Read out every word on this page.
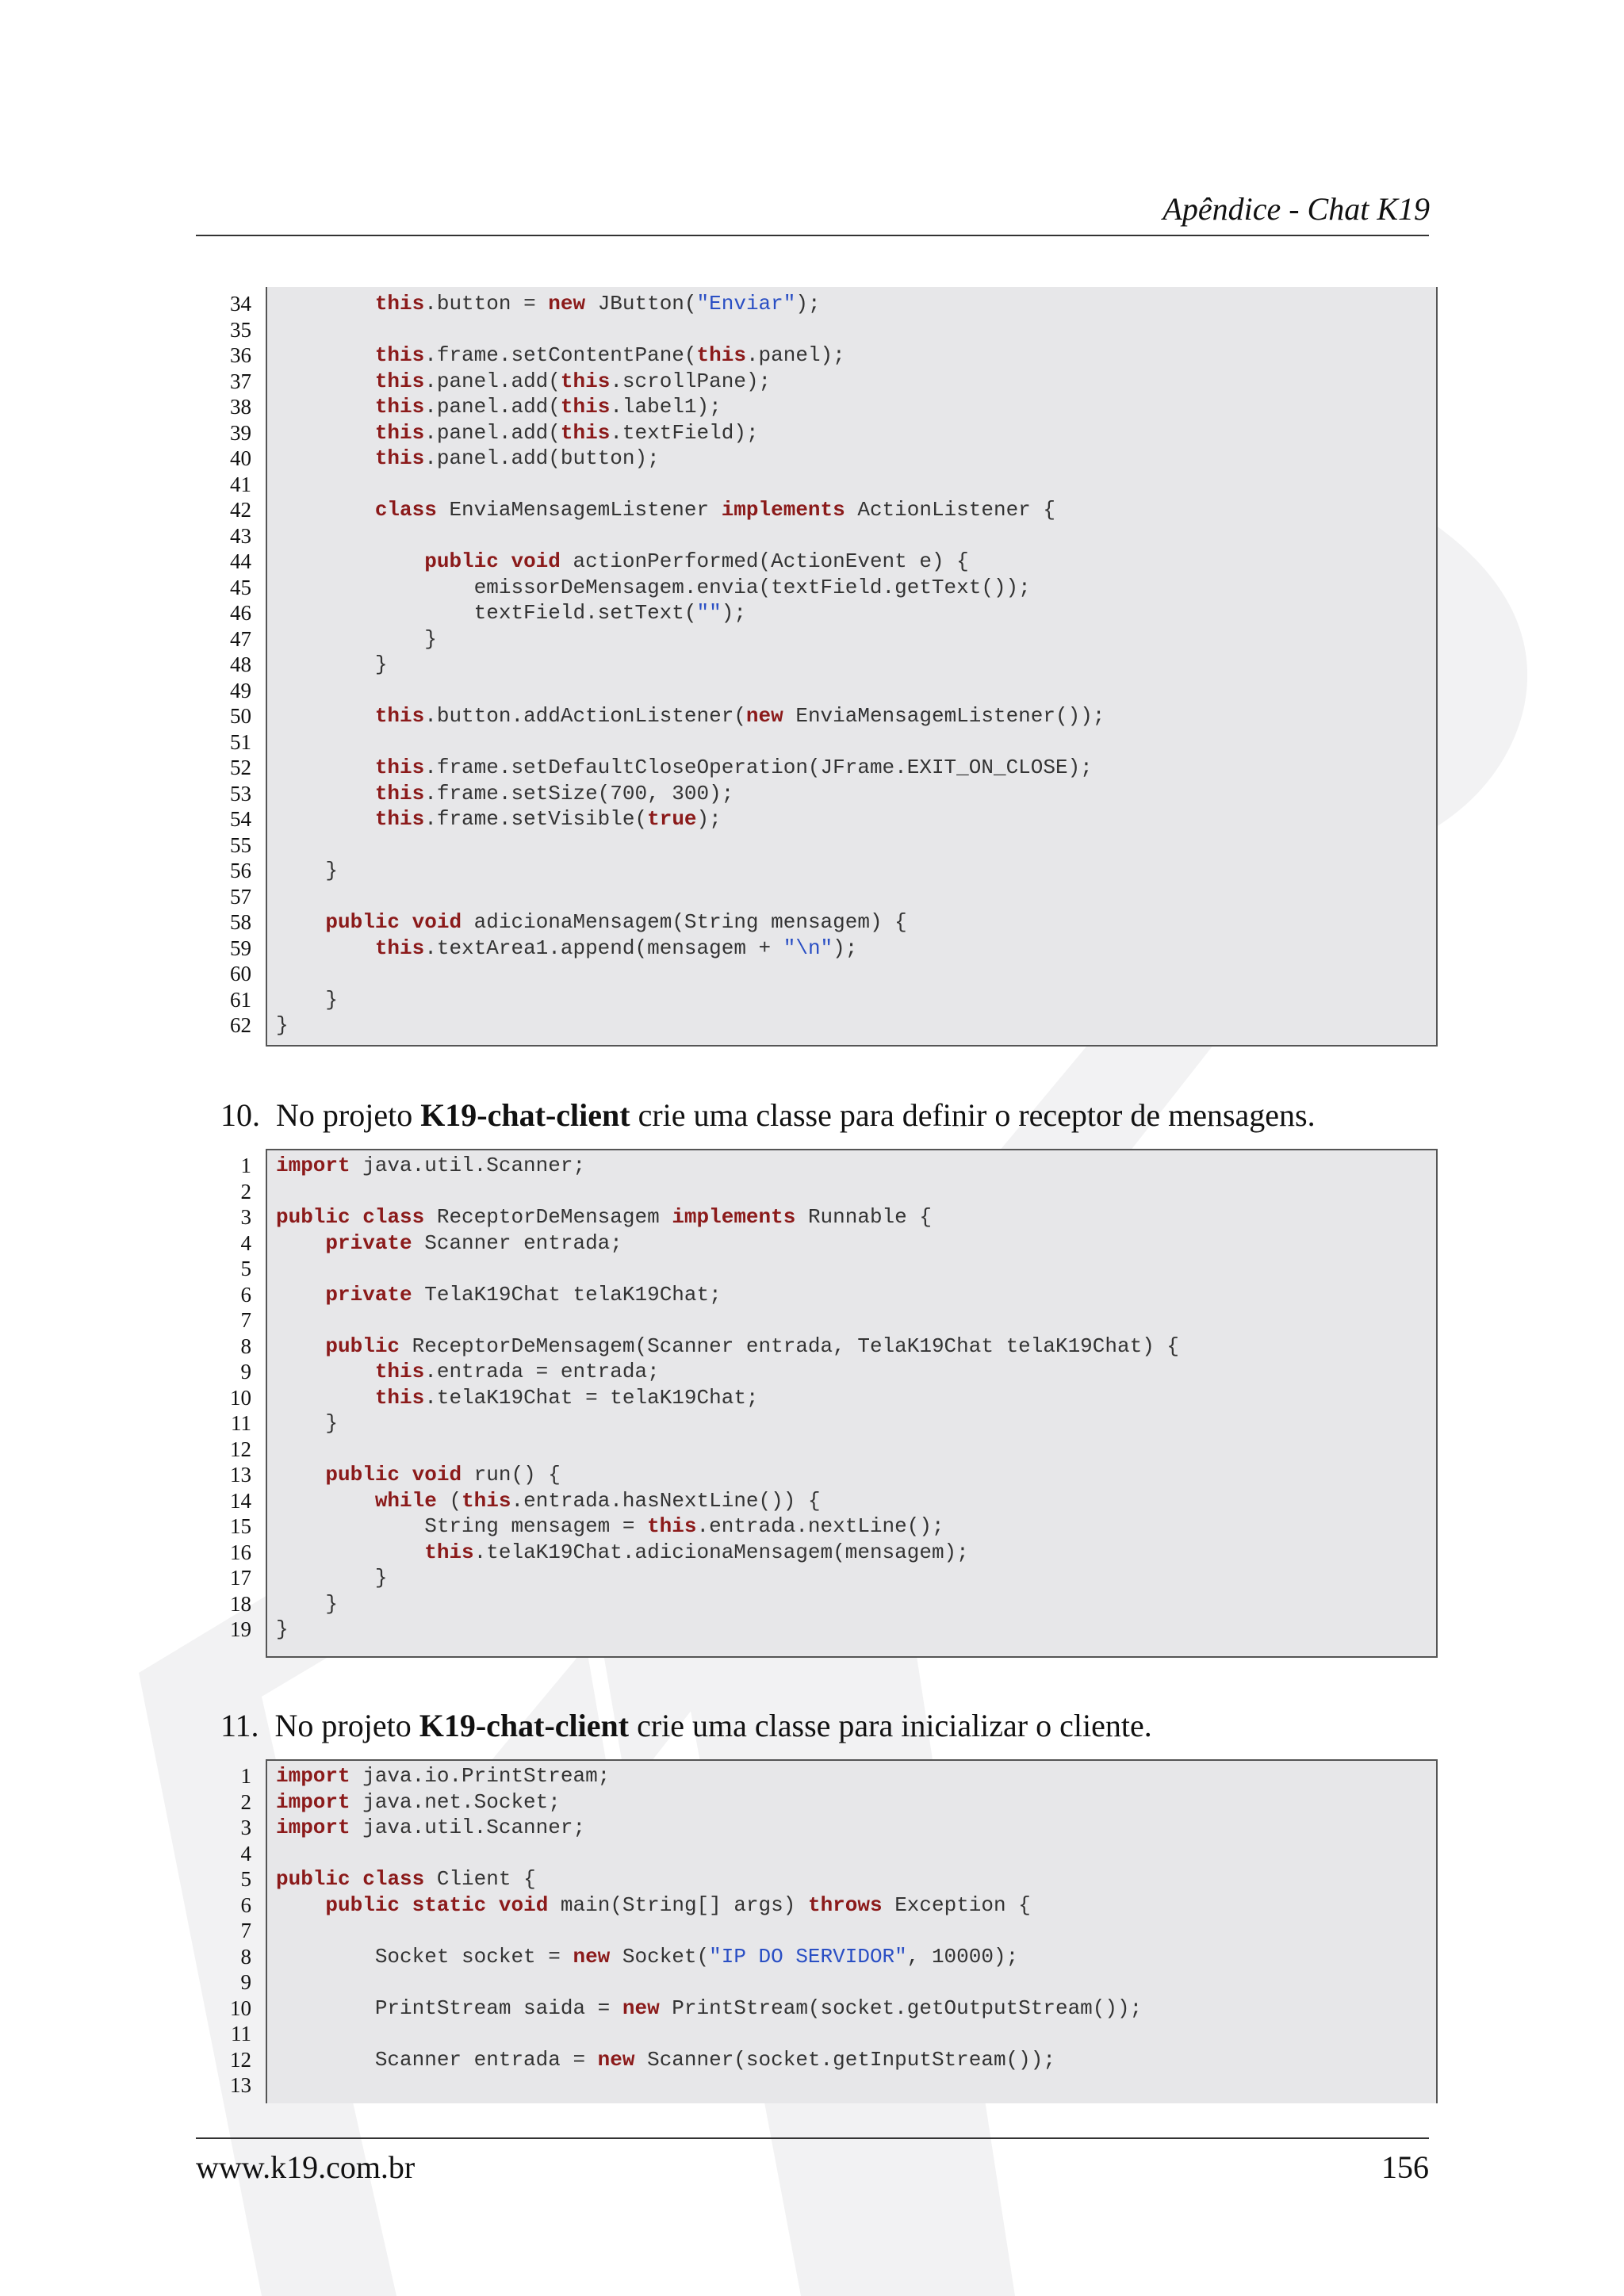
Apêndice - Chat K19
34	this.button = new JButton("Enviar");
35
36	this.frame.setContentPane(this.panel);
37	this.panel.add(this.scrollPane);
38	this.panel.add(this.label1);
39	this.panel.add(this.textField);
40	this.panel.add(button);
41
42	class EnviaMensagemListener implements ActionListener {
43
44	public void actionPerformed(ActionEvent e) {
45 emissorDeMensagem.envia(textField.getText());
46 textField.setText("");
47 }
48 }
49
50	this.button.addActionListener(new EnviaMensagemListener());
51
52	this.frame.setDefaultCloseOperation(JFrame.EXIT_ON_CLOSE);
53	this.frame.setSize(700, 300);
54	this.frame.setVisible(true);
55
56 }
57
58	public void adicionaMensagem(String mensagem) {
59	this.textArea1.append(mensagem + "\n");
60
61 }
62 }
10. No projeto K19-chat-client crie uma classe para definir o receptor de mensagens.
1 import java.util.Scanner;
2
3 public class ReceptorDeMensagem implements Runnable {
4	private Scanner entrada;
5
6	private TelaK19Chat telaK19Chat;
7
8	public ReceptorDeMensagem(Scanner entrada, TelaK19Chat telaK19Chat) {
9	this.entrada = entrada;
10	this.telaK19Chat = telaK19Chat;
11 }
12
13	public void run() {
14	while (this.entrada.hasNextLine()) {
15 String mensagem = this.entrada.nextLine();
16	this.telaK19Chat.adicionaMensagem(mensagem);
17 }
18 }
19 }
11. No projeto K19-chat-client crie uma classe para inicializar o cliente.
1 import java.io.PrintStream;
2 import java.net.Socket;
3 import java.util.Scanner;
4
5 public class Client {
6	public static void main(String[] args) throws Exception {
7
8 Socket socket = new Socket("IP DO SERVIDOR", 10000);
9
10 PrintStream saida = new PrintStream(socket.getOutputStream());
11
12 Scanner entrada = new Scanner(socket.getInputStream());
13
www.k19.com.br	156
